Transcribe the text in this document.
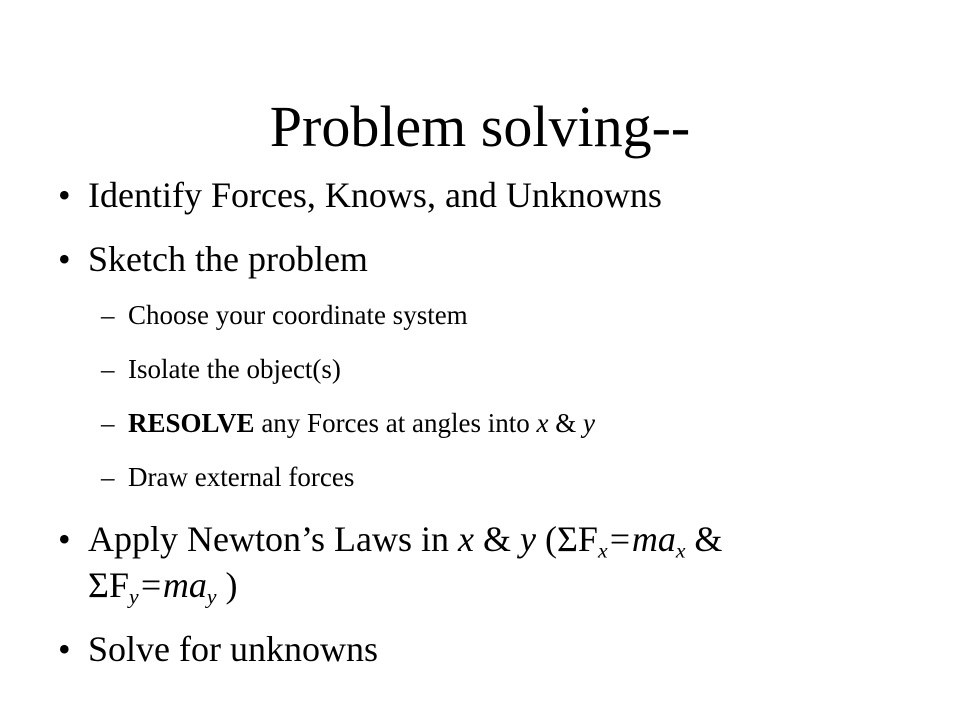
Problem solving--
• Identify Forces, Knows, and Unknowns
• Sketch the problem
– Choose your coordinate system
– Isolate the object(s)
– RESOLVE any Forces at angles into x & y
– Draw external forces
• Apply Newton’s Laws in x & y ($\Sigma F_x=ma_x$ &
$\Sigma F_y=ma_y$ )
• Solve for unknowns
